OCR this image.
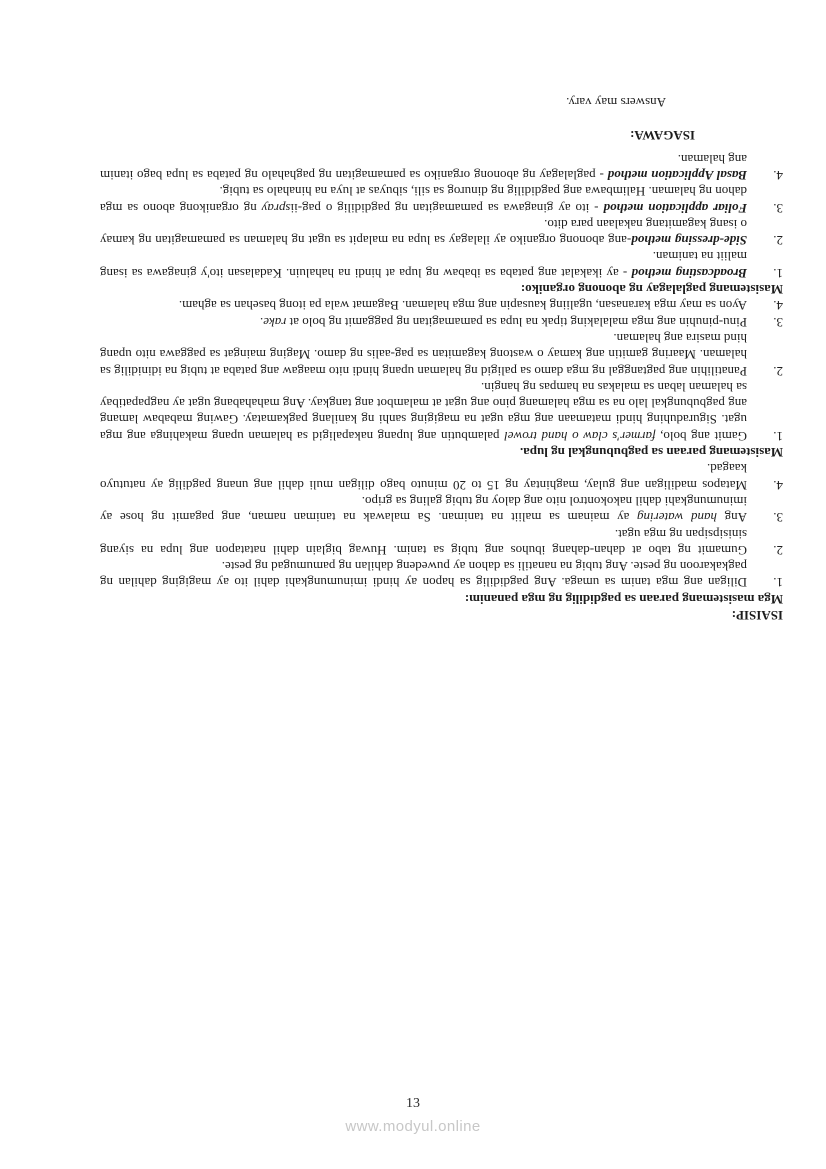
ISAISIP:

Mga masistemang paraan sa pagdidilig ng mga pananim:

1.
Diligan ang mga tanim sa umaga. Ang pagdidilig sa hapon ay hindi iminumungkahi dahil ito ay magiging dahilan ng pagkakaroon ng peste. Ang tubig na nanatili sa dahon ay puwedeng dahilan ng pamumugad ng peste.
2.
Gumamit ng tabo at dahan-dahang ibuhos ang tubig sa tanim. Huwag biglain dahil natatapon ang lupa na siyang sinisipsipan ng mga ugat.
3.
Ang hand watering ay mainam sa maliit na taniman. Sa malawak na taniman naman, ang pagamit ng hose ay iminumungkahi dahil nakokontrol nito ang daloy ng tubig galing sa gripo.
4.
Matapos madiligan ang gulay, maghintay ng 15 to 20 minuto bago diligan muli dahil ang unang pagdilig ay natutuyo kaagad.

Masistemang paraan sa pagbubungkal ng lupa.

1.
Gamit ang bolo, farmer's claw o hand trowel palambutin ang lupang nakapaligid sa halaman upang makahinga ang mga ugat. Siguraduhing hindi matamaan ang mga ugat na magiging sanhi ng kanilang pagkamatay. Gawing mababaw lamang ang pagbubungkal lalo na sa mga halamang pino ang ugat at malambot ang tangkay. Ang mahahabang ugat ay nagpapatibay sa halaman laban sa malakas na hampas ng hangin.
2.
Panatilihin ang pagtanggal ng mga damo sa paligid ng halaman upang hindi nito maagaw ang pataba at tubig na idinidilig sa halaman. Maaring gamitin ang kamay o wastong kagamitan sa pag-aalis ng damo. Maging maingat sa paggawa nito upang hind masira ang halaman.
3.
Pinu-pinuhin ang mga malalaking tipak na lupa sa pamamagitan ng paggamit ng bolo at rake.
4.
Ayon sa may mga karanasan, ugaliing kausapin ang mga halaman. Bagamat wala pa itong basehan sa agham.

Masistemang paglalagay ng abonong organiko:

1.
Broadcasting method - ay ikakalat ang pataba sa ibabaw ng lupa at hindi na hahaluin. Kadalasan ito'y ginagawa sa isang maliit na taniman.
2.
Side-dressing method-ang abonong organiko ay ilalagay sa lupa na malapit sa ugat ng halaman sa pamamagitan ng kamay o isang kagamitang nakalaan para dito.
3.
Foliar application method - ito ay ginagawa sa pamamagitan ng pagdidilig o pag-iispray ng organikong abono sa mga dahon ng halaman. Halimbawa ang pagdidilig ng dinurog sa sili, sibuyas at luya na hinahalo sa tubig.
4.
Basal Application method - paglalagay ng abonong organiko sa pamamagitan ng paghahalo ng pataba sa lupa bago itanim ang halaman.

ISAGAWA:

Answers may vary.

13
www.modyul.online
